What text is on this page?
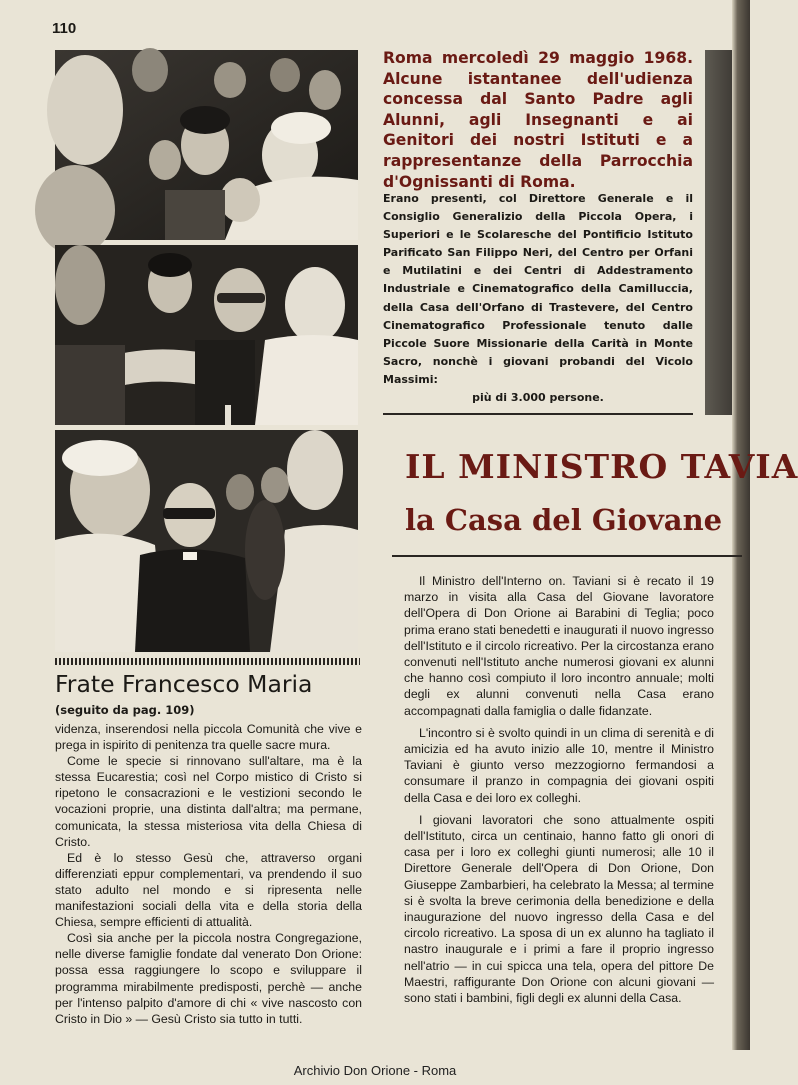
110
Roma mercoledì 29 maggio 1968. Alcune istantanee dell'udienza concessa dal Santo Padre agli Alunni, agli Insegnanti e ai Genitori dei nostri Istituti e a rappresentanze della Parrocchia d'Ognissanti di Roma.
Erano presenti, col Direttore Generale e il Consiglio Generalizio della Piccola Opera, i Superiori e le Scolaresche del Pontificio Istituto Parificato San Filippo Neri, del Centro per Orfani e Mutilatini e dei Centri di Addestramento Industriale e Cinematografico della Camilluccia, della Casa dell'Orfano di Trastevere, del Centro Cinematografico Professionale tenuto dalle Piccole Suore Missionarie della Carità in Monte Sacro, nonchè i giovani probandi del Vicolo Massimi:
più di 3.000 persone.
IL MINISTRO TAVIA
la Casa del Giovane

Il Ministro dell'Interno on. Taviani si è recato il 19 marzo in visita alla Casa del Giovane lavoratore dell'Opera di Don Orione ai Barabini di Teglia; poco prima erano stati benedetti e inaugurati il nuovo ingresso dell'Istituto e il circolo ricreativo. Per la circostanza erano convenuti nell'Istituto anche numerosi giovani ex alunni che hanno così compiuto il loro incontro annuale; molti degli ex alunni convenuti nella Casa erano accompagnati dalla famiglia o dalle fidanzate.

L'incontro si è svolto quindi in un clima di serenità e di amicizia ed ha avuto inizio alle 10, mentre il Ministro Taviani è giunto verso mezzogiorno fermandosi a consumare il pranzo in compagnia dei giovani ospiti della Casa e dei loro ex colleghi.

I giovani lavoratori che sono attualmente ospiti dell'Istituto, circa un centinaio, hanno fatto gli onori di casa per i loro ex colleghi giunti numerosi; alle 10 il Direttore Generale dell'Opera di Don Orione, Don Giuseppe Zambarbieri, ha celebrato la Messa; al termine si è svolta la breve cerimonia della benedizione e della inaugurazione del nuovo ingresso della Casa e del circolo ricreativo. La sposa di un ex alunno ha tagliato il nastro inaugurale e i primi a fare il proprio ingresso nell'atrio — in cui spicca una tela, opera del pittore De Maestri, raffigurante Don Orione con alcuni giovani — sono stati i bambini, figli degli ex alunni della Casa.

Frate Francesco Maria
(seguito da pag. 109)

videnza, inserendosi nella piccola Comunità che vive e prega in ispirito di penitenza tra quelle sacre mura.

Come le specie si rinnovano sull'altare, ma è la stessa Eucarestia; così nel Corpo mistico di Cristo si ripetono le consacrazioni e le vestizioni secondo le vocazioni proprie, una distinta dall'altra; ma permane, comunicata, la stessa misteriosa vita della Chiesa di Cristo.

Ed è lo stesso Gesù che, attraverso organi differenziati eppur complementari, va prendendo il suo stato adulto nel mondo e si ripresenta nelle manifestazioni sociali della vita e della storia della Chiesa, sempre efficienti di attualità.

Così sia anche per la piccola nostra Congregazione, nelle diverse famiglie fondate dal venerato Don Orione: possa essa raggiungere lo scopo e sviluppare il programma mirabilmente predisposti, perchè — anche per l'intenso palpito d'amore di chi « vive nascosto con Cristo in Dio » — Gesù Cristo sia tutto in tutti.

Archivio Don Orione - Roma
